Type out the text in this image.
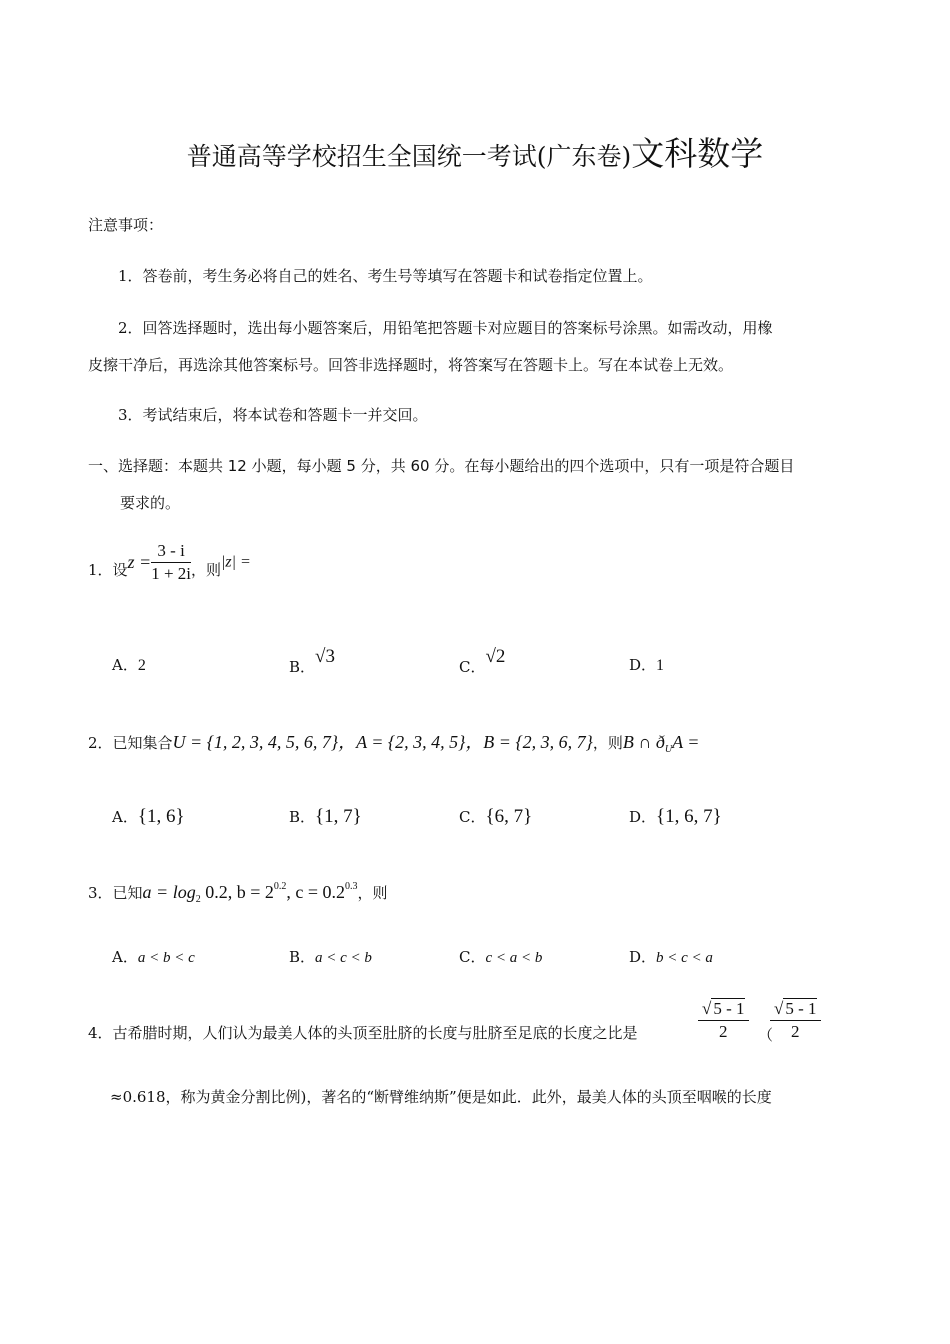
普通高等学校招生全国统一考试(广东卷)文科数学
注意事项：
1．答卷前，考生务必将自己的姓名、考生号等填写在答题卡和试卷指定位置上。
2．回答选择题时，选出每小题答案后，用铅笔把答题卡对应题目的答案标号涂黑。如需改动，用橡
皮擦干净后，再选涂其他答案标号。回答非选择题时，将答案写在答题卡上。写在本试卷上无效。
3．考试结束后，将本试卷和答题卡一并交回。
一、选择题：本题共 12 小题，每小题 5 分，共 60 分。在每小题给出的四个选项中，只有一项是符合题目
要求的。
1．设$z = \frac{3 - i}{1 + 2i}$ ，则|z| =
A．2	B．√3	C．√2	D．1
2．已知集合U = {1, 2, 3, 4, 5, 6, 7}，A = {2, 3, 4, 5}，B = {2, 3, 6, 7}，则B ∩ $ð_UA$ =
A．{1, 6}	B．{1, 7}	C．{6, 7}	D．{1, 6, 7}
3．已知$a = \log_2 0.2$, $b = 2^{0.2}$, $c = 0.2^{0.3}$，则
A．a < b < c	B．a < c < b	C．c < a < b	D．b < c < a
4．古希腊时期，人们认为最美人体的头顶至肚脐的长度与肚脐至足底的长度之比是	$\frac{√ 5 - 1}{2}$ （
$\frac{√ 5 - 1}{2}$
≈0.618，称为黄金分割比例)，著名的“断臂维纳斯”便是如此．此外，最美人体的头顶至咽喉的长度
